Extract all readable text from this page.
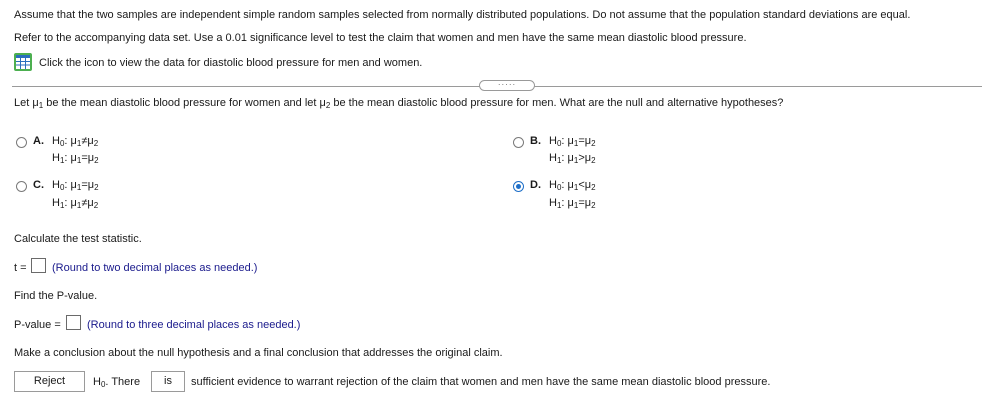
Assume that the two samples are independent simple random samples selected from normally distributed populations. Do not assume that the population standard deviations are equal.
Refer to the accompanying data set. Use a 0.01 significance level to test the claim that women and men have the same mean diastolic blood pressure.
Click the icon to view the data for diastolic blood pressure for men and women.
·····
Let μ1 be the mean diastolic blood pressure for women and let μ2 be the mean diastolic blood pressure for men. What are the null and alternative hypotheses?
A. H0: μ1≠μ2
H1: μ1=μ2
B. H0: μ1=μ2
H1: μ1>μ2
C. H0: μ1=μ2
H1: μ1≠μ2
D. H0: μ1<μ2
H1: μ1=μ2
Calculate the test statistic.
t = (Round to two decimal places as needed.)
Find the P-value.
P-value = (Round to three decimal places as needed.)
Make a conclusion about the null hypothesis and a final conclusion that addresses the original claim.
Reject	H0. There	is	sufficient evidence to warrant rejection of the claim that women and men have the same mean diastolic blood pressure.
